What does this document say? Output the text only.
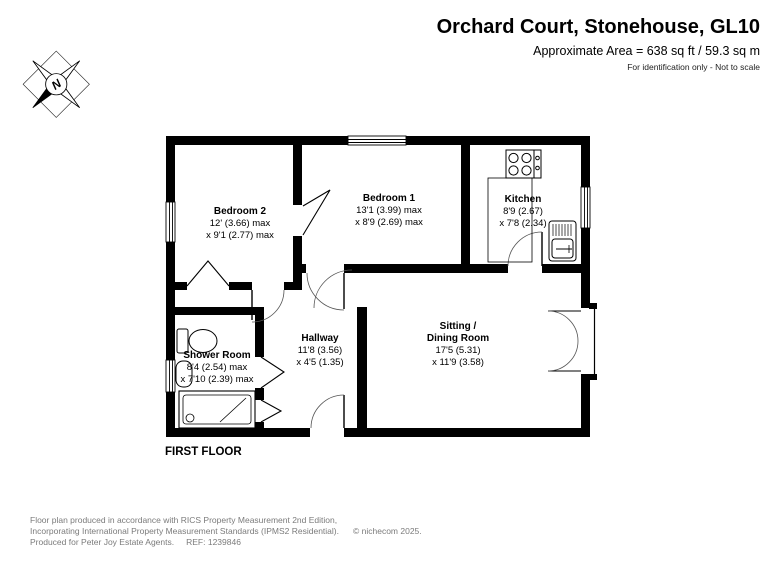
Orchard Court, Stonehouse, GL10
Approximate Area = 638 sq ft / 59.3 sq m
For identification only - Not to scale
N
Bedroom 2
12' (3.66) max
x 9'1 (2.77) max
Bedroom 1
13'1 (3.99) max
x 8'9 (2.69) max
Kitchen
8'9 (2.67)
x 7'8 (2.34)
Sitting /
Dining Room
17'5 (5.31)
x 11'9 (3.58)
Hallway
11'8 (3.56)
x 4'5 (1.35)
Shower Room
8'4 (2.54) max
x 7'10 (2.39) max
FIRST FLOOR
Floor plan produced in accordance with RICS Property Measurement 2nd Edition,
Incorporating International Property Measurement Standards (IPMS2 Residential). © nichecom 2025.
Produced for Peter Joy Estate Agents. REF: 1239846
